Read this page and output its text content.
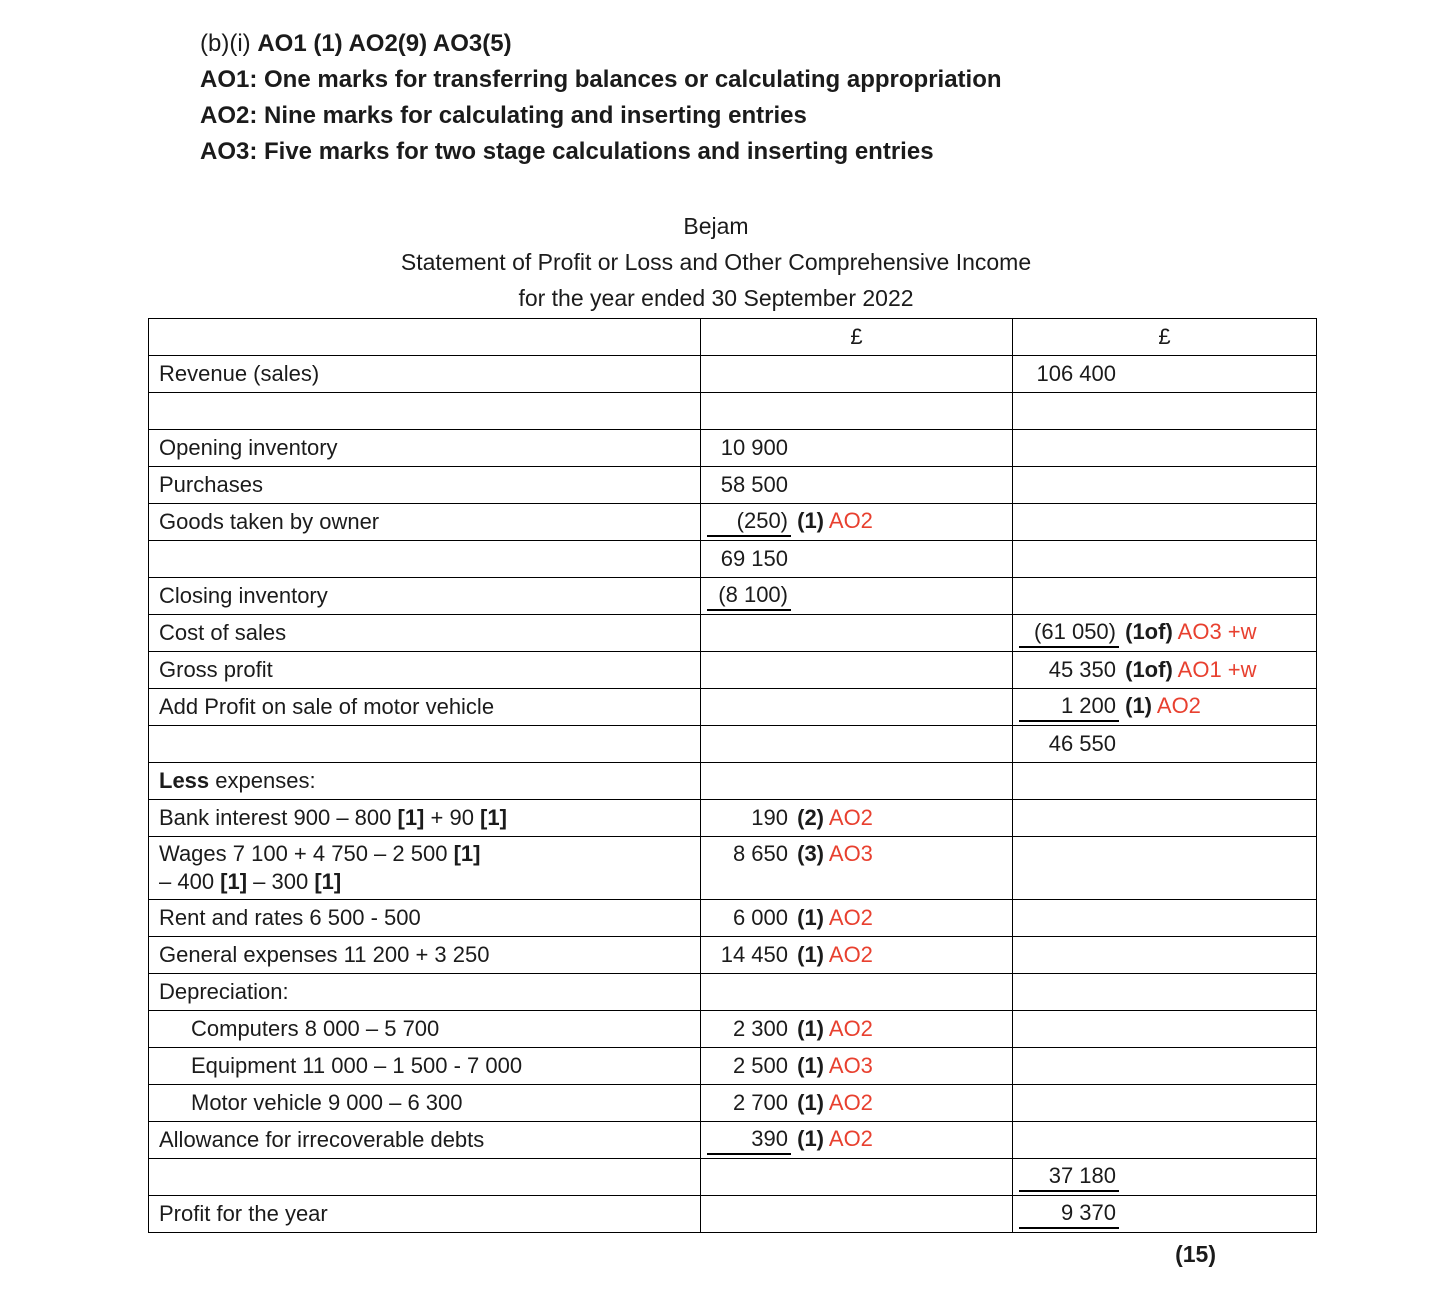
(b)(i) AO1 (1) AO2(9) AO3(5)
AO1: One marks for transferring balances or calculating appropriation
AO2: Nine marks for calculating and inserting entries
AO3: Five marks for two stage calculations and inserting entries
Bejam
Statement of Profit or Loss and Other Comprehensive Income
for the year ended 30 September 2022
	£	£
Revenue (sales)		106 400

Opening inventory	10 900	
Purchases	58 500	
Goods taken by owner	(250) (1) AO2	
	69 150	
Closing inventory	(8 100)	
Cost of sales		(61 050) (1of) AO3 +w
Gross profit		45 350 (1of) AO1 +w
Add Profit on sale of motor vehicle		1 200 (1) AO2
		46 550
Less expenses:		
Bank interest 900 – 800 [1] + 90 [1]	190 (2) AO2	
Wages 7 100 + 4 750 – 2 500 [1]
– 400 [1] – 300 [1]	8 650 (3) AO3	
Rent and rates 6 500 - 500	6 000 (1) AO2	
General expenses 11 200 + 3 250	14 450 (1) AO2	
Depreciation:		
Computers 8 000 – 5 700	2 300 (1) AO2	
Equipment 11 000 – 1 500 - 7 000	2 500 (1) AO3	
Motor vehicle 9 000 – 6 300	2 700 (1) AO2	
Allowance for irrecoverable debts	390 (1) AO2	
		37 180
Profit for the year		9 370
(15)
